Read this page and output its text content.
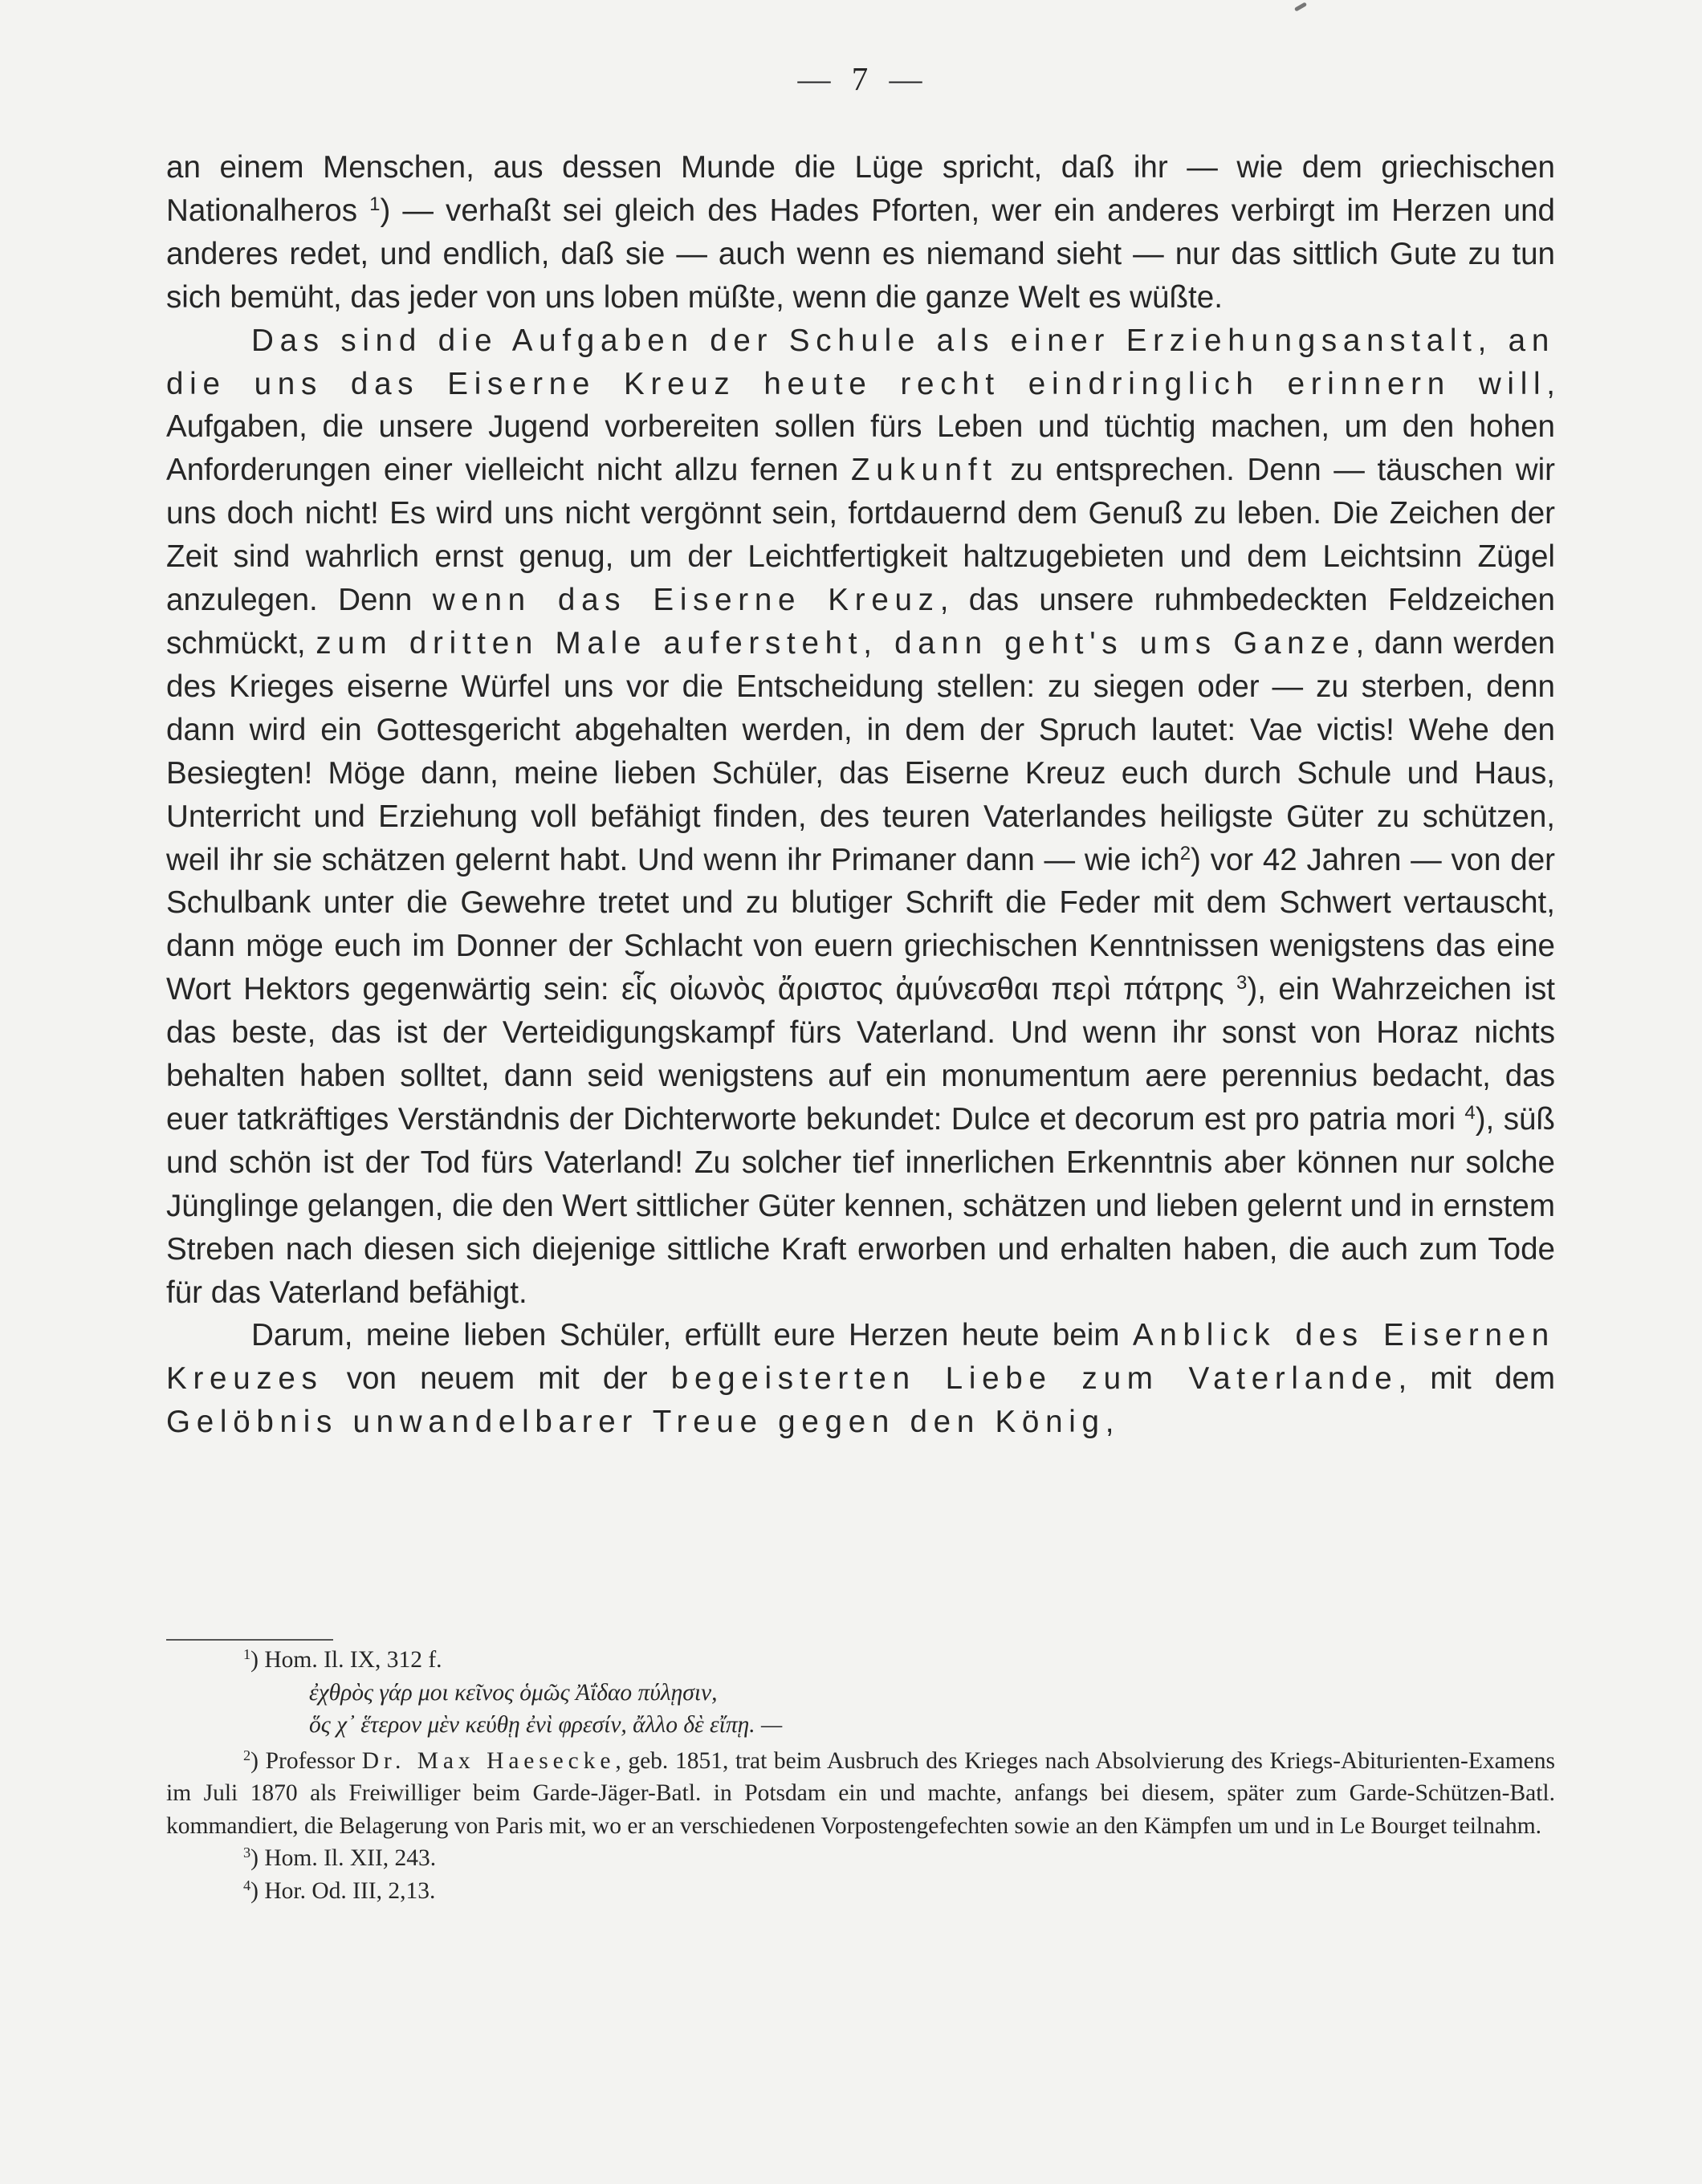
— 7 —

an einem Menschen, aus dessen Munde die Lüge spricht, daß ihr — wie dem griechischen Nationalheros $^1$) — verhaßt sei gleich des Hades Pforten, wer ein anderes verbirgt im Herzen und anderes redet, und endlich, daß sie — auch wenn es niemand sieht — nur das sittlich Gute zu tun sich bemüht, das jeder von uns loben müßte, wenn die ganze Welt es wüßte.

Das sind die Aufgaben der Schule als einer Erziehungsanstalt, an die uns das Eiserne Kreuz heute recht eindringlich erinnern will, Aufgaben, die unsere Jugend vorbereiten sollen fürs Leben und tüchtig machen, um den hohen Anforderungen einer vielleicht nicht allzu fernen Zukunft zu entsprechen. Denn — täuschen wir uns doch nicht! Es wird uns nicht vergönnt sein, fortdauernd dem Genuß zu leben. Die Zeichen der Zeit sind wahrlich ernst genug, um der Leichtfertigkeit haltzugebieten und dem Leichtsinn Zügel anzulegen. Denn wenn das Eiserne Kreuz, das unsere ruhmbedeckten Feldzeichen schmückt, zum dritten Male aufersteht, dann geht's ums Ganze, dann werden des Krieges eiserne Würfel uns vor die Entscheidung stellen: zu siegen oder — zu sterben, denn dann wird ein Gottesgericht abgehalten werden, in dem der Spruch lautet: Vae victis! Wehe den Besiegten! Möge dann, meine lieben Schüler, das Eiserne Kreuz euch durch Schule und Haus, Unterricht und Erziehung voll befähigt finden, des teuren Vaterlandes heiligste Güter zu schützen, weil ihr sie schätzen gelernt habt. Und wenn ihr Primaner dann — wie ich$^2$) vor 42 Jahren — von der Schulbank unter die Gewehre tretet und zu blutiger Schrift die Feder mit dem Schwert vertauscht, dann möge euch im Donner der Schlacht von euern griechischen Kenntnissen wenigstens das eine Wort Hektors gegenwärtig sein: εἷς οἰωνὸς ἄριστος ἀμύνεσθαι περὶ πάτρης $^3$), ein Wahrzeichen ist das beste, das ist der Verteidigungskampf fürs Vaterland. Und wenn ihr sonst von Horaz nichts behalten haben solltet, dann seid wenigstens auf ein monumentum aere perennius bedacht, das euer tatkräftiges Verständnis der Dichterworte bekundet: Dulce et decorum est pro patria mori $^4$), süß und schön ist der Tod fürs Vaterland! Zu solcher tief innerlichen Erkenntnis aber können nur solche Jünglinge gelangen, die den Wert sittlicher Güter kennen, schätzen und lieben gelernt und in ernstem Streben nach diesen sich diejenige sittliche Kraft erworben und erhalten haben, die auch zum Tode für das Vaterland befähigt.

Darum, meine lieben Schüler, erfüllt eure Herzen heute beim Anblick des Eisernen Kreuzes von neuem mit der begeisterten Liebe zum Vaterlande, mit dem Gelöbnis unwandelbarer Treue gegen den König,

$^1$) Hom. Il. IX, 312 f.

ἐχθρὸς γάρ μοι κεῖνος ὁμῶς Ἀΐδαο πύλῃσιν,

ὅς χ᾽ ἕτερον μὲν κεύθῃ ἐνὶ φρεσίν, ἄλλο δὲ εἴπῃ. —

$^2$) Professor Dr. Max Haesecke, geb. 1851, trat beim Ausbruch des Krieges nach Absolvierung des Kriegs-Abiturienten-Examens im Juli 1870 als Freiwilliger beim Garde-Jäger-Batl. in Potsdam ein und machte, anfangs bei diesem, später zum Garde-Schützen-Batl. kommandiert, die Belagerung von Paris mit, wo er an verschiedenen Vorpostengefechten sowie an den Kämpfen um und in Le Bourget teilnahm.

$^3$) Hom. Il. XII, 243.

$^4$) Hor. Od. III, 2,13.
